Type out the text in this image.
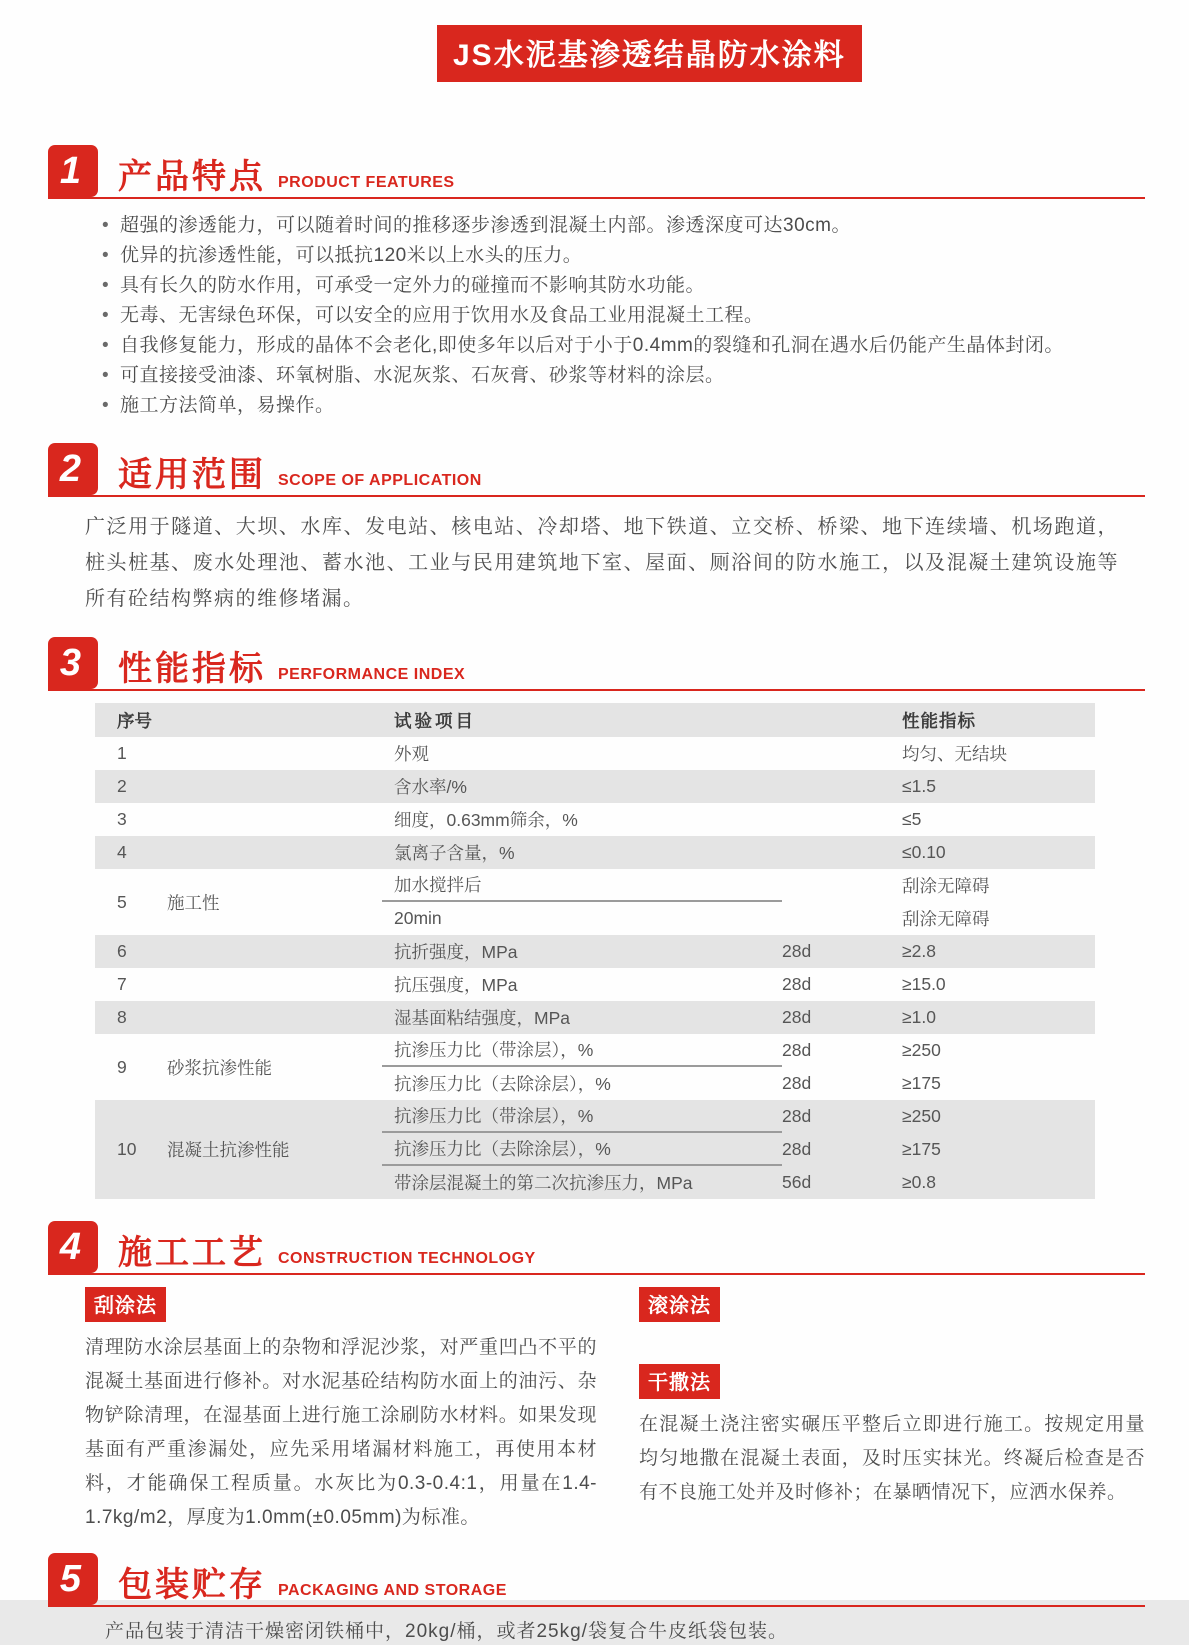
JS水泥基渗透结晶防水涂料
1	产品特点 PRODUCT FEATURES
• 超强的渗透能力，可以随着时间的推移逐步渗透到混凝土内部。渗透深度可达30cm。
• 优异的抗渗透性能，可以抵抗120米以上水头的压力。
• 具有长久的防水作用，可承受一定外力的碰撞而不影响其防水功能。
• 无毒、无害绿色环保，可以安全的应用于饮用水及食品工业用混凝土工程。
• 自我修复能力，形成的晶体不会老化,即使多年以后对于小于0.4mm的裂缝和孔洞在遇水后仍能产生晶体封闭。
• 可直接接受油漆、环氧树脂、水泥灰浆、石灰膏、砂浆等材料的涂层。
• 施工方法简单，易操作。
2	适用范围 SCOPE OF APPLICATION

广泛用于隧道、大坝、水库、发电站、核电站、冷却塔、地下铁道、立交桥、桥梁、地下连续墙、机场跑道，桩头桩基、废水处理池、蓄水池、工业与民用建筑地下室、屋面、厕浴间的防水施工，以及混凝土建筑设施等所有砼结构弊病的维修堵漏。

3	性能指标 PERFORMANCE INDEX
序号	试验项目	性能指标
1	外观	均匀、无结块
2	含水率/%	≤1.5
3	细度，0.63mm筛余，%	≤5
4	氯离子含量，%	≤0.10
5	施工性
加水搅拌后	刮涂无障碍
20min	刮涂无障碍
6	抗折强度，MPa	28d	≥2.8
7	抗压强度，MPa	28d	≥15.0
8	湿基面粘结强度，MPa	28d	≥1.0
9	砂浆抗渗性能
抗渗压力比（带涂层），%	28d	≥250
抗渗压力比（去除涂层），%	28d	≥175
10	混凝土抗渗性能
抗渗压力比（带涂层），%	28d	≥250
抗渗压力比（去除涂层），%	28d	≥175
带涂层混凝土的第二次抗渗压力，MPa	56d	≥0.8
4	施工工艺 CONSTRUCTION TECHNOLOGY
刮涂法

清理防水涂层基面上的杂物和浮泥沙浆，对严重凹凸不平的混凝土基面进行修补。对水泥基砼结构防水面上的油污、杂物铲除清理，在湿基面上进行施工涂刷防水材料。如果发现基面有严重渗漏处，应先采用堵漏材料施工，再使用本材料，才能确保工程质量。水灰比为0.3-0.4:1，用量在1.4-1.7kg/m2，厚度为1.0mm(±0.05mm)为标准。

滚涂法
干撒法

在混凝土浇注密实碾压平整后立即进行施工。按规定用量均匀地撒在混凝土表面，及时压实抹光。终凝后检查是否有不良施工处并及时修补；在暴晒情况下，应洒水保养。

5	包装贮存 PACKAGING AND STORAGE

产品包装于清洁干燥密闭铁桶中，20kg/桶，或者25kg/袋复合牛皮纸袋包装。
